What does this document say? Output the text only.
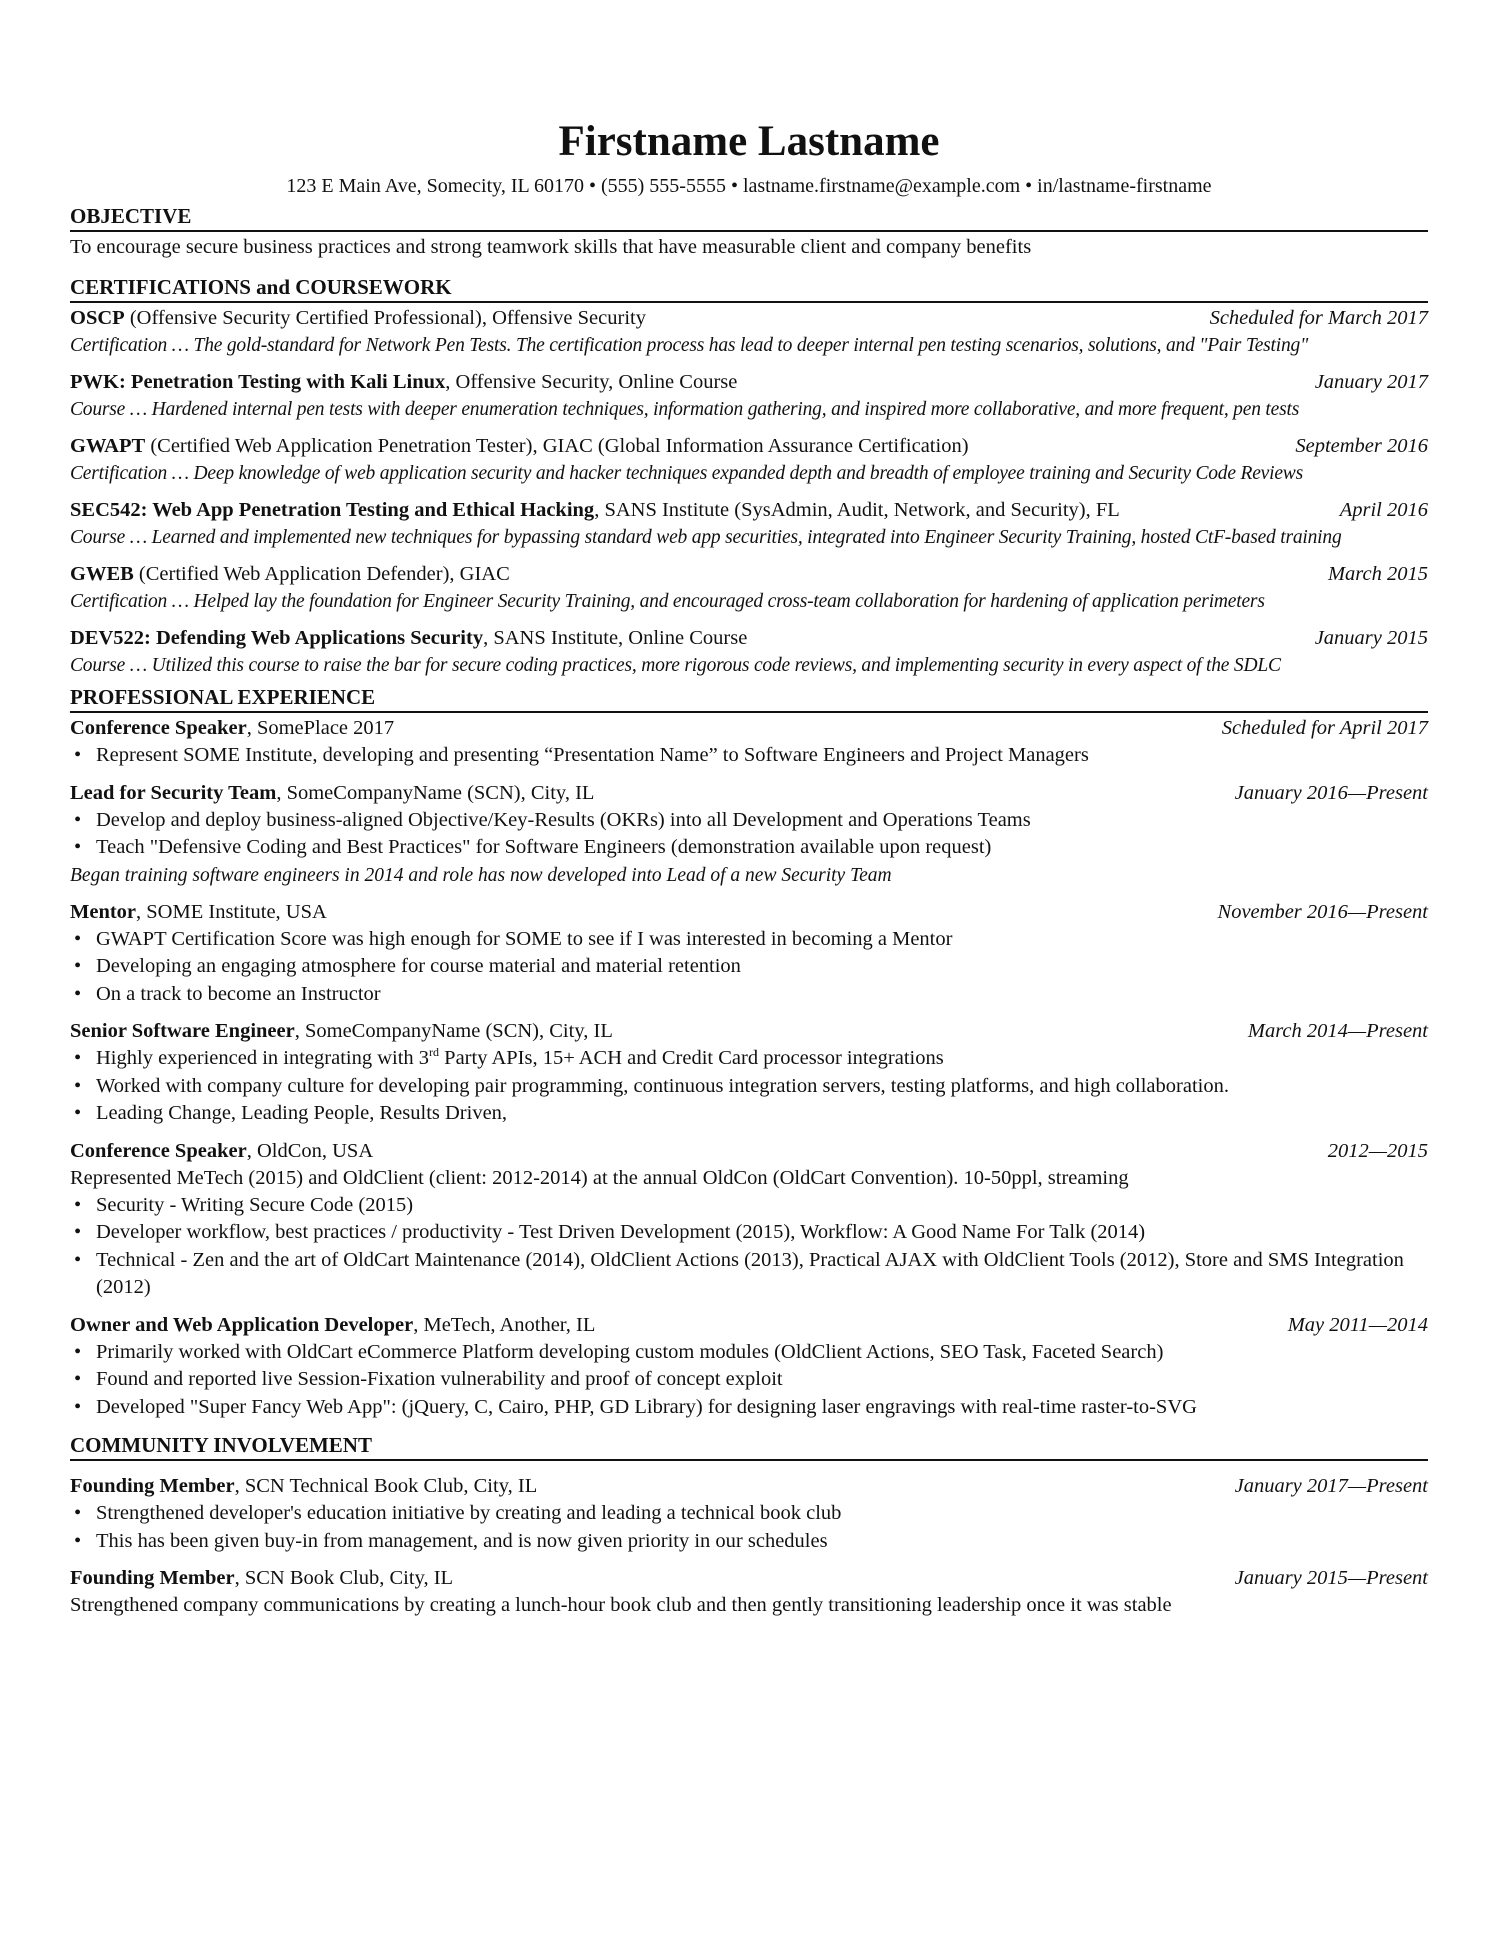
Firstname Lastname
123 E Main Ave, Somecity, IL 60170 • (555) 555-5555 • lastname.firstname@example.com • in/lastname-firstname
OBJECTIVE
To encourage secure business practices and strong teamwork skills that have measurable client and company benefits
CERTIFICATIONS and COURSEWORK
OSCP (Offensive Security Certified Professional), Offensive Security	Scheduled for March 2017
Certification … The gold-standard for Network Pen Tests. The certification process has lead to deeper internal pen testing scenarios, solutions, and "Pair Testing"
PWK: Penetration Testing with Kali Linux, Offensive Security, Online Course	January 2017
Course … Hardened internal pen tests with deeper enumeration techniques, information gathering, and inspired more collaborative, and more frequent, pen tests
GWAPT (Certified Web Application Penetration Tester), GIAC (Global Information Assurance Certification)	September 2016
Certification … Deep knowledge of web application security and hacker techniques expanded depth and breadth of employee training and Security Code Reviews
SEC542: Web App Penetration Testing and Ethical Hacking, SANS Institute (SysAdmin, Audit, Network, and Security), FL	April 2016
Course … Learned and implemented new techniques for bypassing standard web app securities, integrated into Engineer Security Training, hosted CtF-based training
GWEB (Certified Web Application Defender), GIAC	March 2015
Certification … Helped lay the foundation for Engineer Security Training, and encouraged cross-team collaboration for hardening of application perimeters
DEV522: Defending Web Applications Security, SANS Institute, Online Course	January 2015
Course … Utilized this course to raise the bar for secure coding practices, more rigorous code reviews, and implementing security in every aspect of the SDLC
PROFESSIONAL EXPERIENCE
Conference Speaker, SomePlace 2017	Scheduled for April 2017
• Represent SOME Institute, developing and presenting “Presentation Name” to Software Engineers and Project Managers
Lead for Security Team, SomeCompanyName (SCN), City, IL	January 2016—Present
• Develop and deploy business-aligned Objective/Key-Results (OKRs) into all Development and Operations Teams
• Teach "Defensive Coding and Best Practices" for Software Engineers (demonstration available upon request)
Began training software engineers in 2014 and role has now developed into Lead of a new Security Team
Mentor, SOME Institute, USA	November 2016—Present
• GWAPT Certification Score was high enough for SOME to see if I was interested in becoming a Mentor
• Developing an engaging atmosphere for course material and material retention
• On a track to become an Instructor
Senior Software Engineer, SomeCompanyName (SCN), City, IL	March 2014—Present
• Highly experienced in integrating with 3rd Party APIs, 15+ ACH and Credit Card processor integrations
• Worked with company culture for developing pair programming, continuous integration servers, testing platforms, and high collaboration.
• Leading Change, Leading People, Results Driven,
Conference Speaker, OldCon, USA	2012—2015
Represented MeTech (2015) and OldClient (client: 2012-2014) at the annual OldCon (OldCart Convention). 10-50ppl, streaming
• Security - Writing Secure Code (2015)
• Developer workflow, best practices / productivity - Test Driven Development (2015), Workflow: A Good Name For Talk (2014)
• Technical - Zen and the art of OldCart Maintenance (2014), OldClient Actions (2013), Practical AJAX with OldClient Tools (2012), Store and SMS Integration (2012)
Owner and Web Application Developer, MeTech, Another, IL	May 2011—2014
• Primarily worked with OldCart eCommerce Platform developing custom modules (OldClient Actions, SEO Task, Faceted Search)
• Found and reported live Session-Fixation vulnerability and proof of concept exploit
• Developed "Super Fancy Web App": (jQuery, C, Cairo, PHP, GD Library) for designing laser engravings with real-time raster-to-SVG
COMMUNITY INVOLVEMENT
Founding Member, SCN Technical Book Club, City, IL	January 2017—Present
• Strengthened developer's education initiative by creating and leading a technical book club
• This has been given buy-in from management, and is now given priority in our schedules
Founding Member, SCN Book Club, City, IL	January 2015—Present
Strengthened company communications by creating a lunch-hour book club and then gently transitioning leadership once it was stable
